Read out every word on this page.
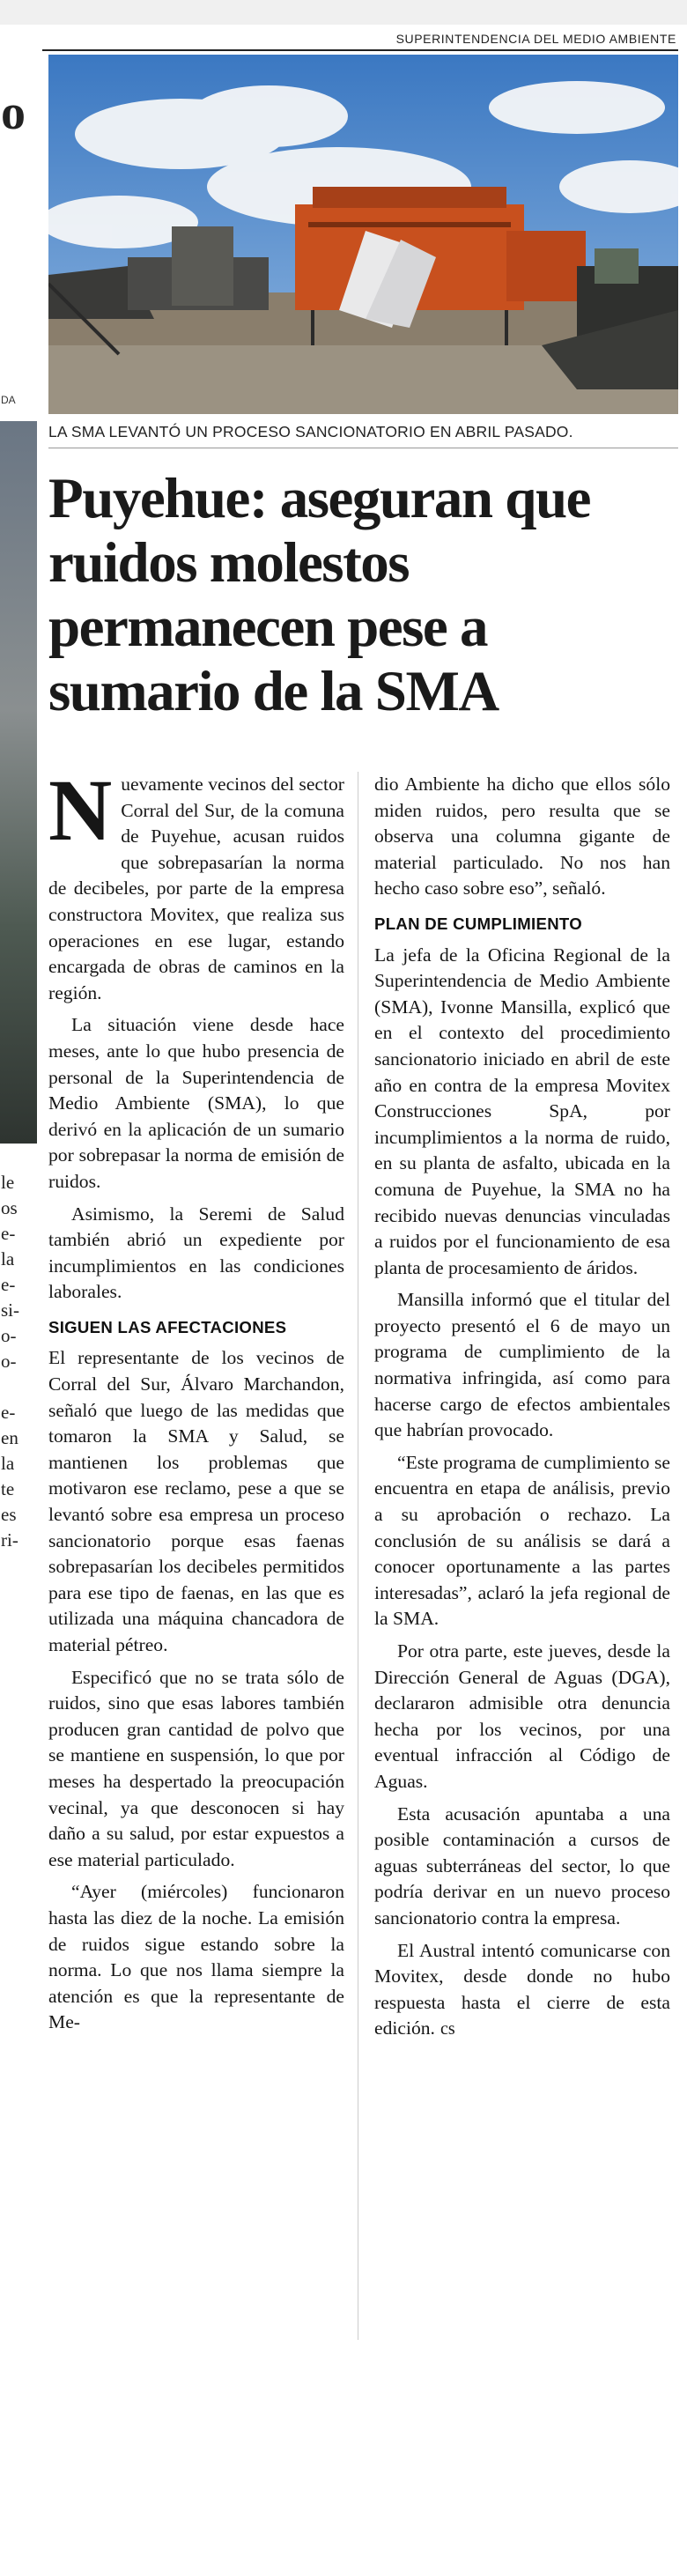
o
DA
le
os
e-
la
e-
si-
o-
o-
e-
en
la
te
es
ri-
SUPERINTENDENCIA DEL MEDIO AMBIENTE
LA SMA LEVANTÓ UN PROCESO SANCIONATORIO EN ABRIL PASADO.
Puyehue: aseguran que ruidos molestos permanecen pese a sumario de la SMA

Nuevamente vecinos del sector Corral del Sur, de la comuna de Puyehue, acusan ruidos que sobrepasarían la norma de decibeles, por parte de la empresa constructora Movitex, que realiza sus operaciones en ese lugar, estando encargada de obras de caminos en la región.

La situación viene desde hace meses, ante lo que hubo presencia de personal de la Superintendencia de Medio Ambiente (SMA), lo que derivó en la aplicación de un sumario por sobrepasar la norma de emisión de ruidos.

Asimismo, la Seremi de Salud también abrió un expediente por incumplimientos en las condiciones laborales.

SIGUEN LAS AFECTACIONES

El representante de los vecinos de Corral del Sur, Álvaro Marchandon, señaló que luego de las medidas que tomaron la SMA y Salud, se mantienen los problemas que motivaron ese reclamo, pese a que se levantó sobre esa empresa un proceso sancionatorio porque esas faenas sobrepasarían los decibeles permitidos para ese tipo de faenas, en las que es utilizada una máquina chancadora de material pétreo.

Especificó que no se trata sólo de ruidos, sino que esas labores también producen gran cantidad de polvo que se mantiene en suspensión, lo que por meses ha despertado la preocupación vecinal, ya que desconocen si hay daño a su salud, por estar expuestos a ese material particulado.

“Ayer (miércoles) funcionaron hasta las diez de la noche. La emisión de ruidos sigue estando sobre la norma. Lo que nos llama siempre la atención es que la representante de Me-

dio Ambiente ha dicho que ellos sólo miden ruidos, pero resulta que se observa una columna gigante de material particulado. No nos han hecho caso sobre eso”, señaló.

PLAN DE CUMPLIMIENTO

La jefa de la Oficina Regional de la Superintendencia de Medio Ambiente (SMA), Ivonne Mansilla, explicó que en el contexto del procedimiento sancionatorio iniciado en abril de este año en contra de la empresa Movitex Construcciones SpA, por incumplimientos a la norma de ruido, en su planta de asfalto, ubicada en la comuna de Puyehue, la SMA no ha recibido nuevas denuncias vinculadas a ruidos por el funcionamiento de esa planta de procesamiento de áridos.

Mansilla informó que el titular del proyecto presentó el 6 de mayo un programa de cumplimiento de la normativa infringida, así como para hacerse cargo de efectos ambientales que habrían provocado.

“Este programa de cumplimiento se encuentra en etapa de análisis, previo a su aprobación o rechazo. La conclusión de su análisis se dará a conocer oportunamente a las partes interesadas”, aclaró la jefa regional de la SMA.

Por otra parte, este jueves, desde la Dirección General de Aguas (DGA), declararon admisible otra denuncia hecha por los vecinos, por una eventual infracción al Código de Aguas.

Esta acusación apuntaba a una posible contaminación a cursos de aguas subterráneas del sector, lo que podría derivar en un nuevo proceso sancionatorio contra la empresa.

El Austral intentó comunicarse con Movitex, desde donde no hubo respuesta hasta el cierre de esta edición. cs
